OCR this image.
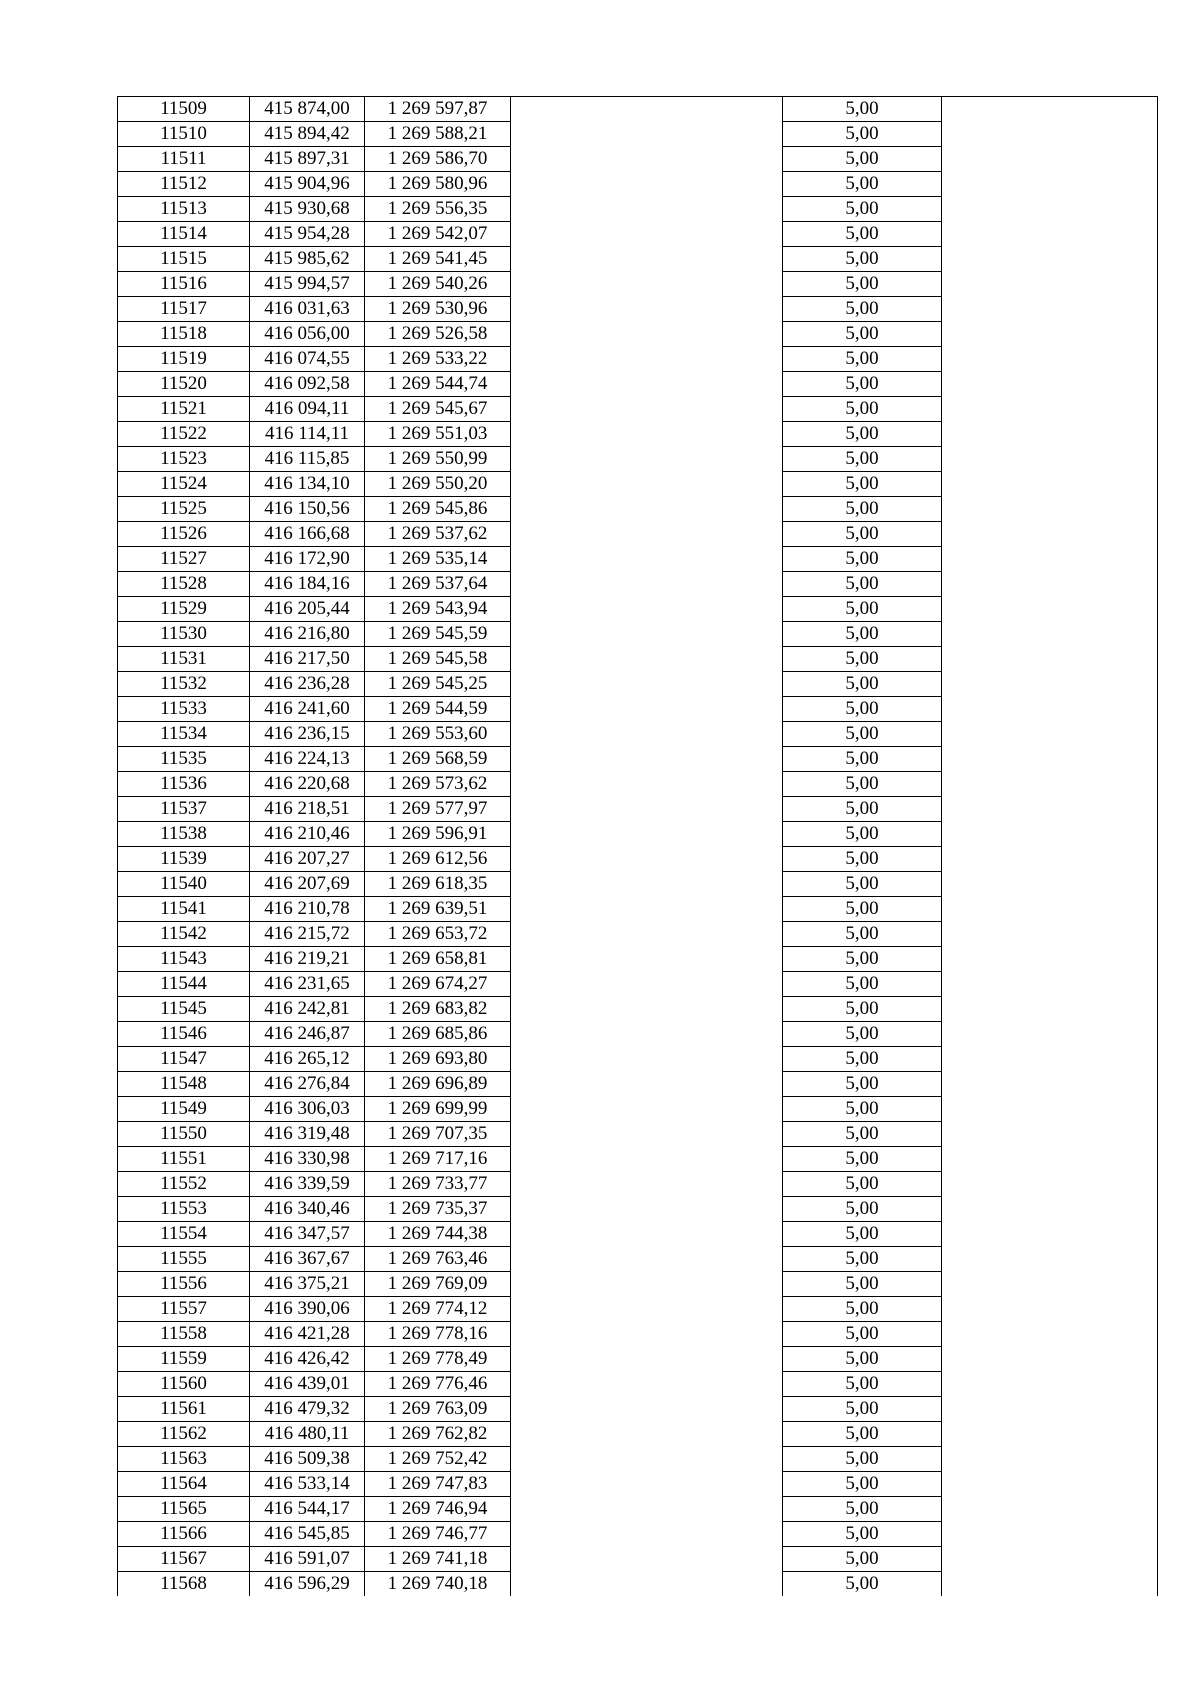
11509	415 874,00	1 269 597,87		5,00	
11510	415 894,42	1 269 588,21		5,00	
11511	415 897,31	1 269 586,70		5,00	
11512	415 904,96	1 269 580,96		5,00	
11513	415 930,68	1 269 556,35		5,00	
11514	415 954,28	1 269 542,07		5,00	
11515	415 985,62	1 269 541,45		5,00	
11516	415 994,57	1 269 540,26		5,00	
11517	416 031,63	1 269 530,96		5,00	
11518	416 056,00	1 269 526,58		5,00	
11519	416 074,55	1 269 533,22		5,00	
11520	416 092,58	1 269 544,74		5,00	
11521	416 094,11	1 269 545,67		5,00	
11522	416 114,11	1 269 551,03		5,00	
11523	416 115,85	1 269 550,99		5,00	
11524	416 134,10	1 269 550,20		5,00	
11525	416 150,56	1 269 545,86		5,00	
11526	416 166,68	1 269 537,62		5,00	
11527	416 172,90	1 269 535,14		5,00	
11528	416 184,16	1 269 537,64		5,00	
11529	416 205,44	1 269 543,94		5,00	
11530	416 216,80	1 269 545,59		5,00	
11531	416 217,50	1 269 545,58		5,00	
11532	416 236,28	1 269 545,25		5,00	
11533	416 241,60	1 269 544,59		5,00	
11534	416 236,15	1 269 553,60		5,00	
11535	416 224,13	1 269 568,59		5,00	
11536	416 220,68	1 269 573,62		5,00	
11537	416 218,51	1 269 577,97		5,00	
11538	416 210,46	1 269 596,91		5,00	
11539	416 207,27	1 269 612,56		5,00	
11540	416 207,69	1 269 618,35		5,00	
11541	416 210,78	1 269 639,51		5,00	
11542	416 215,72	1 269 653,72		5,00	
11543	416 219,21	1 269 658,81		5,00	
11544	416 231,65	1 269 674,27		5,00	
11545	416 242,81	1 269 683,82		5,00	
11546	416 246,87	1 269 685,86		5,00	
11547	416 265,12	1 269 693,80		5,00	
11548	416 276,84	1 269 696,89		5,00	
11549	416 306,03	1 269 699,99		5,00	
11550	416 319,48	1 269 707,35		5,00	
11551	416 330,98	1 269 717,16		5,00	
11552	416 339,59	1 269 733,77		5,00	
11553	416 340,46	1 269 735,37		5,00	
11554	416 347,57	1 269 744,38		5,00	
11555	416 367,67	1 269 763,46		5,00	
11556	416 375,21	1 269 769,09		5,00	
11557	416 390,06	1 269 774,12		5,00	
11558	416 421,28	1 269 778,16		5,00	
11559	416 426,42	1 269 778,49		5,00	
11560	416 439,01	1 269 776,46		5,00	
11561	416 479,32	1 269 763,09		5,00	
11562	416 480,11	1 269 762,82		5,00	
11563	416 509,38	1 269 752,42		5,00	
11564	416 533,14	1 269 747,83		5,00	
11565	416 544,17	1 269 746,94		5,00	
11566	416 545,85	1 269 746,77		5,00	
11567	416 591,07	1 269 741,18		5,00	
11568	416 596,29	1 269 740,18		5,00	
